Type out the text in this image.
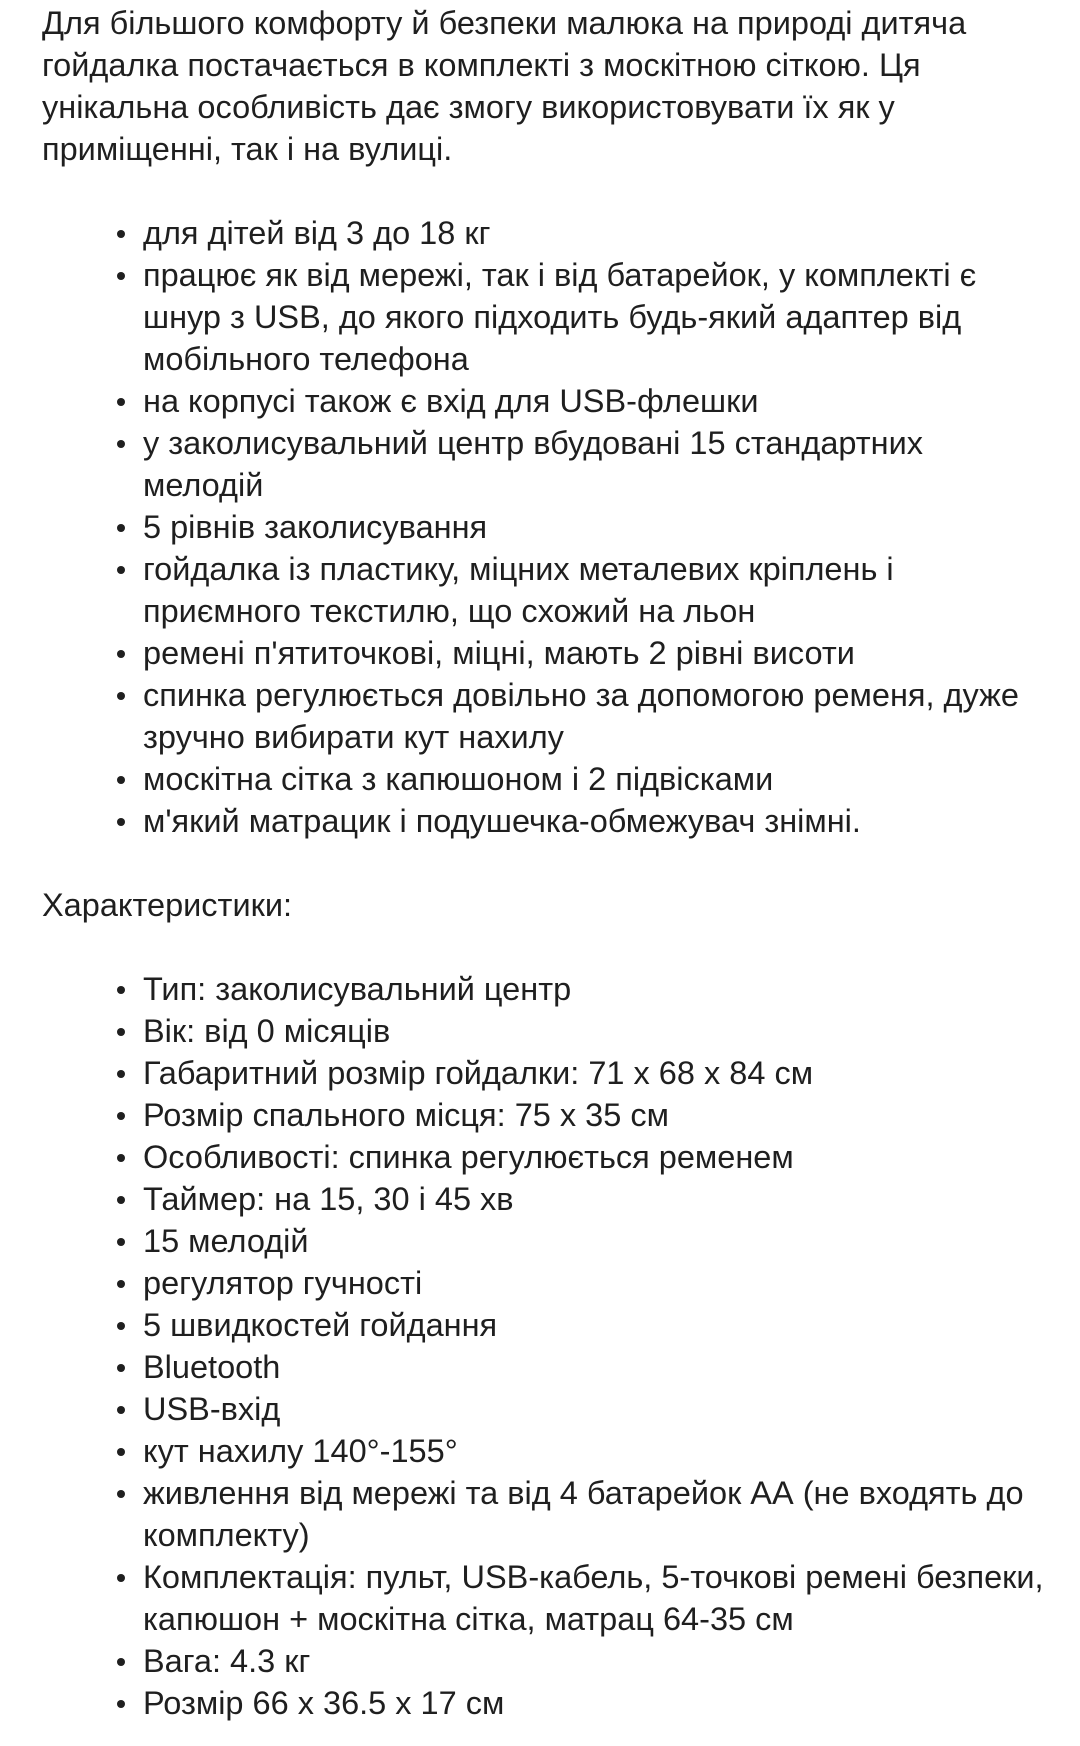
Для більшого комфорту й безпеки малюка на природі дитяча гойдалка постачається в комплекті з москітною сіткою. Ця унікальна особливість дає змогу використовувати їх як у приміщенні, так і на вулиці.

для дітей від 3 до 18 кг
працює як від мережі, так і від батарейок, у комплекті є шнур з USB, до якого підходить будь-який адаптер від мобільного телефона
на корпусі також є вхід для USB-флешки
у заколисувальний центр вбудовані 15 стандартних мелодій
5 рівнів заколисування
гойдалка із пластику, міцних металевих кріплень і приємного текстилю, що схожий на льон
ремені п'ятиточкові, міцні, мають 2 рівні висоти
спинка регулюється довільно за допомогою ременя, дуже зручно вибирати кут нахилу
москітна сітка з капюшоном і 2 підвісками
м'який матрацик і подушечка-обмежувач знімні.

Характеристики:

Тип: заколисувальний центр
Вік: від 0 місяців
Габаритний розмір гойдалки: 71 х 68 х 84 см
Розмір спального місця: 75 х 35 см
Особливості: спинка регулюється ременем
Таймер: на 15, 30 і 45 хв
15 мелодій
регулятор гучності
5 швидкостей гойдання
Bluetooth
USB-вхід
кут нахилу 140°-155°
живлення від мережі та від 4 батарейок АА (не входять до комплекту)
Комплектація: пульт, USB-кабель, 5-точкові ремені безпеки, капюшон + москітна сітка, матрац 64-35 см
Вага: 4.3 кг
Розмір 66 х 36.5 х 17 см
